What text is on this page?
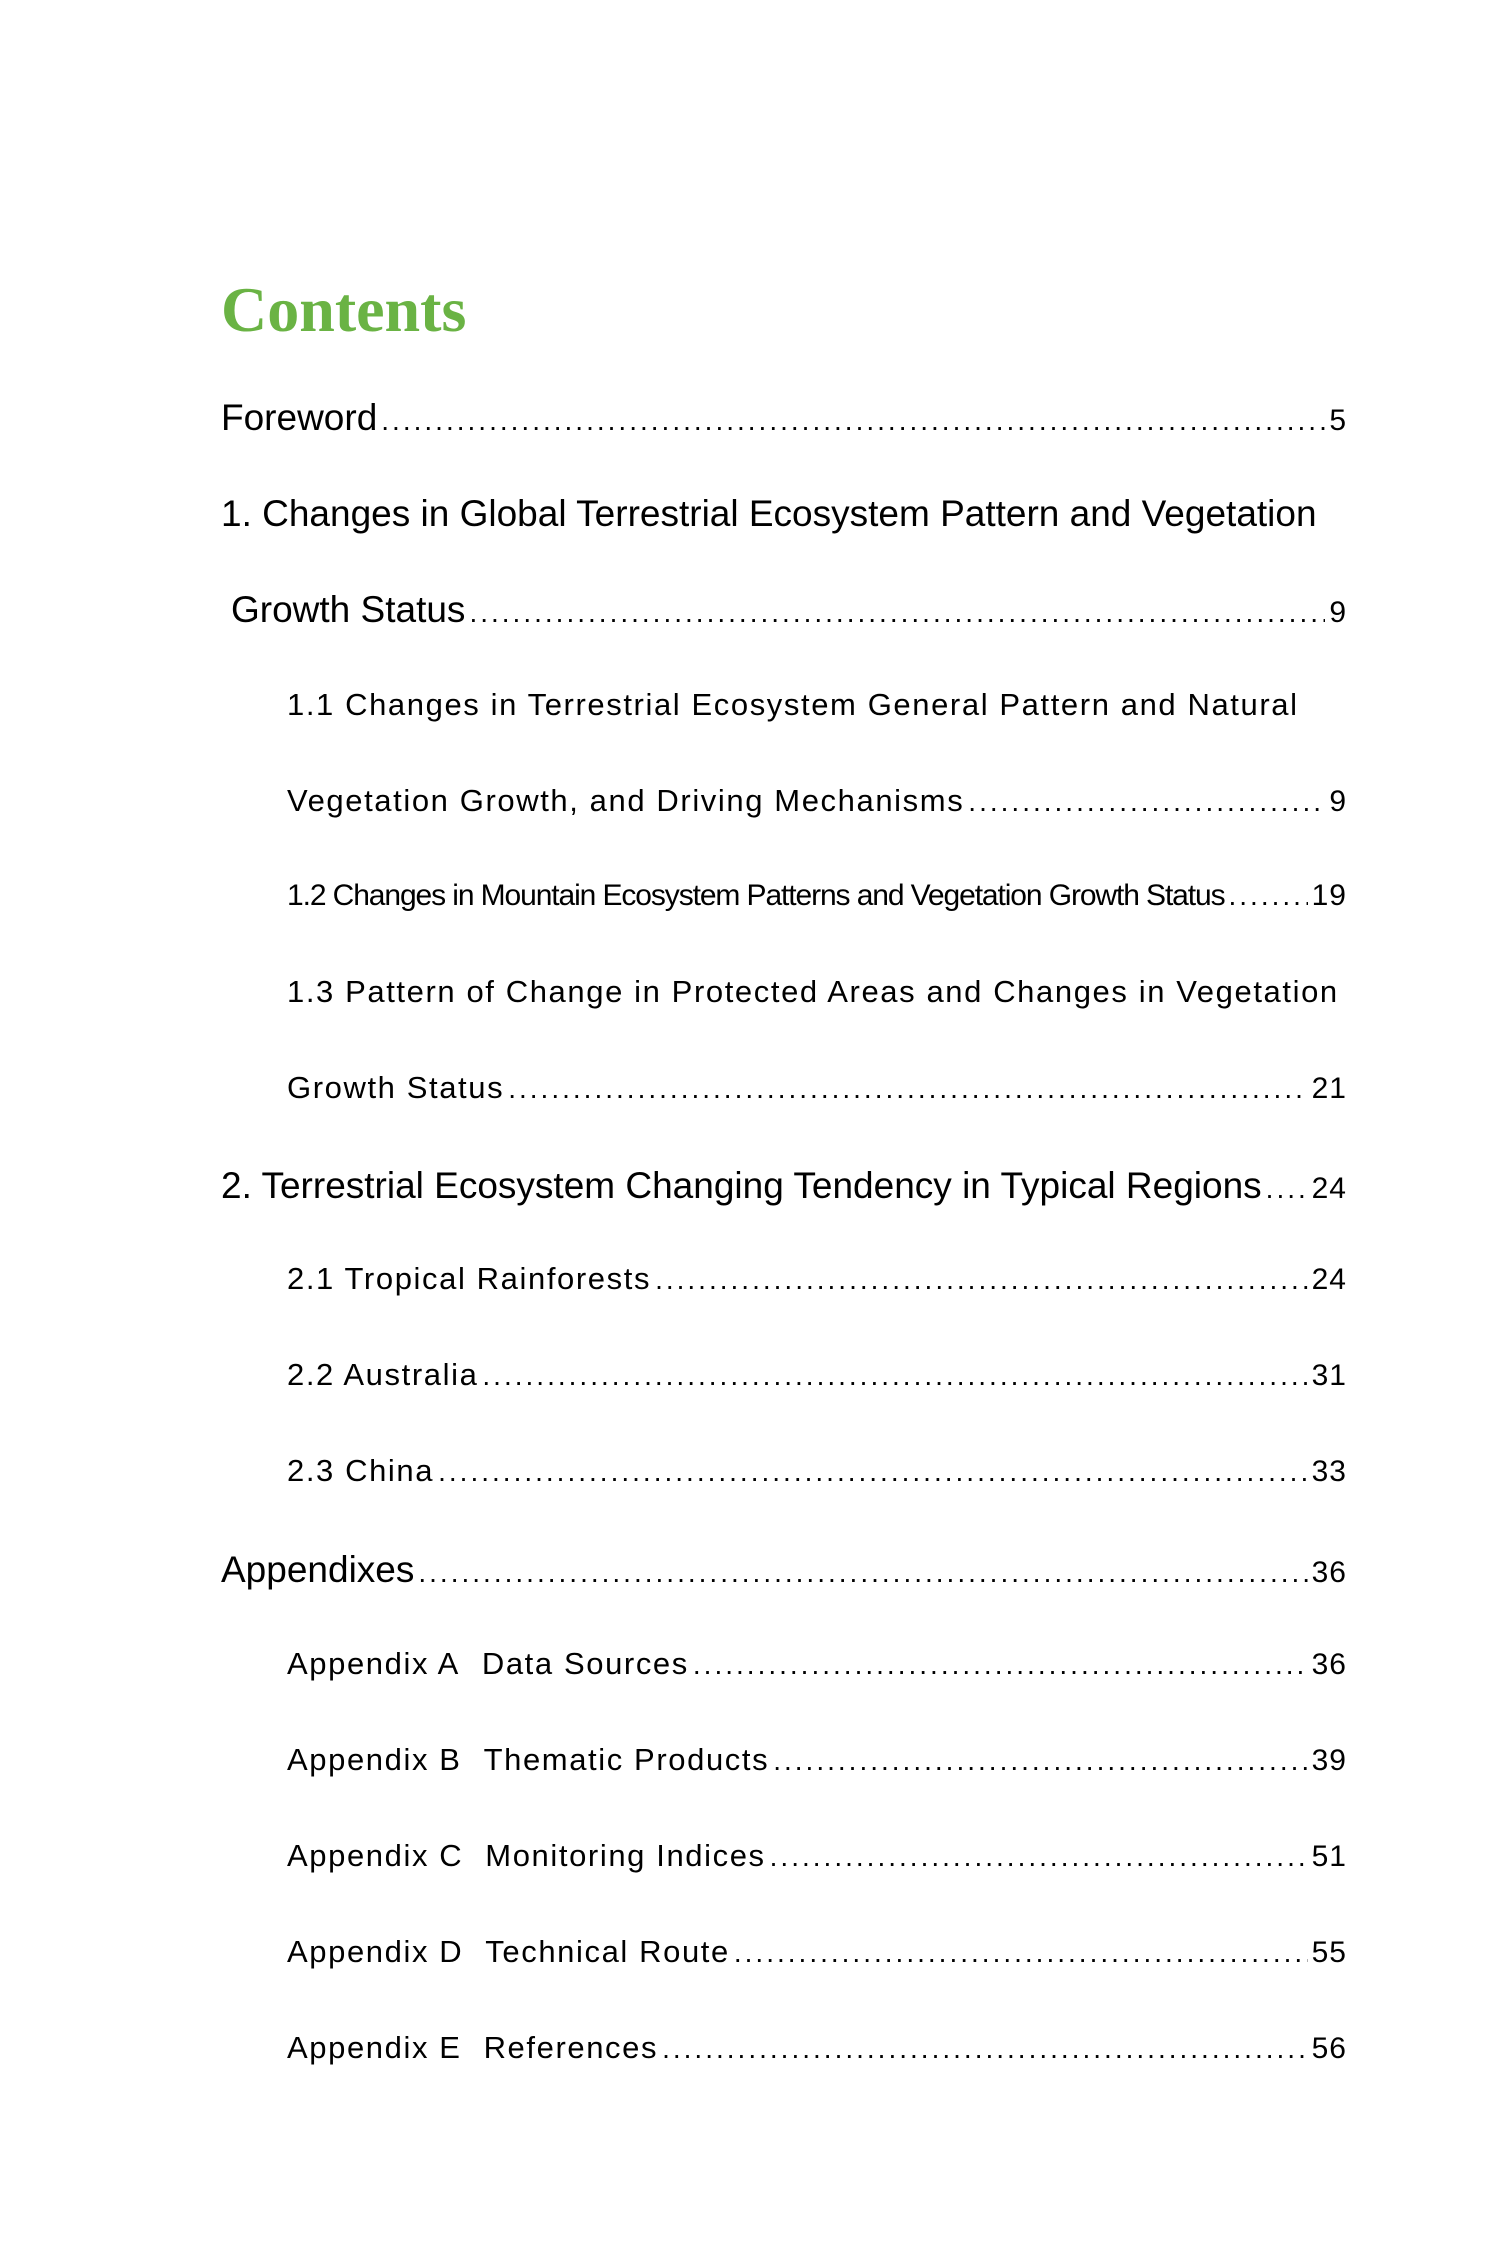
Contents
Foreword .....	5
1. Changes in Global Terrestrial Ecosystem Pattern and Vegetation
Growth Status .....	9
1.1 Changes in Terrestrial Ecosystem General Pattern and Natural
Vegetation Growth, and Driving Mechanisms .....	9
1.2 Changes in Mountain Ecosystem Patterns and Vegetation Growth Status .....	19
1.3 Pattern of Change in Protected Areas and Changes in Vegetation
Growth Status .....	21
2. Terrestrial Ecosystem Changing Tendency in Typical Regions ..... 24
2.1 Tropical Rainforests .....	24
2.2 Australia .....	31
2.3 China .....	33
Appendixes .....	36
Appendix A Data Sources .....	36
Appendix B Thematic Products .....	39
Appendix C Monitoring Indices .....	51
Appendix D Technical Route .....	55
Appendix E References .....	56
